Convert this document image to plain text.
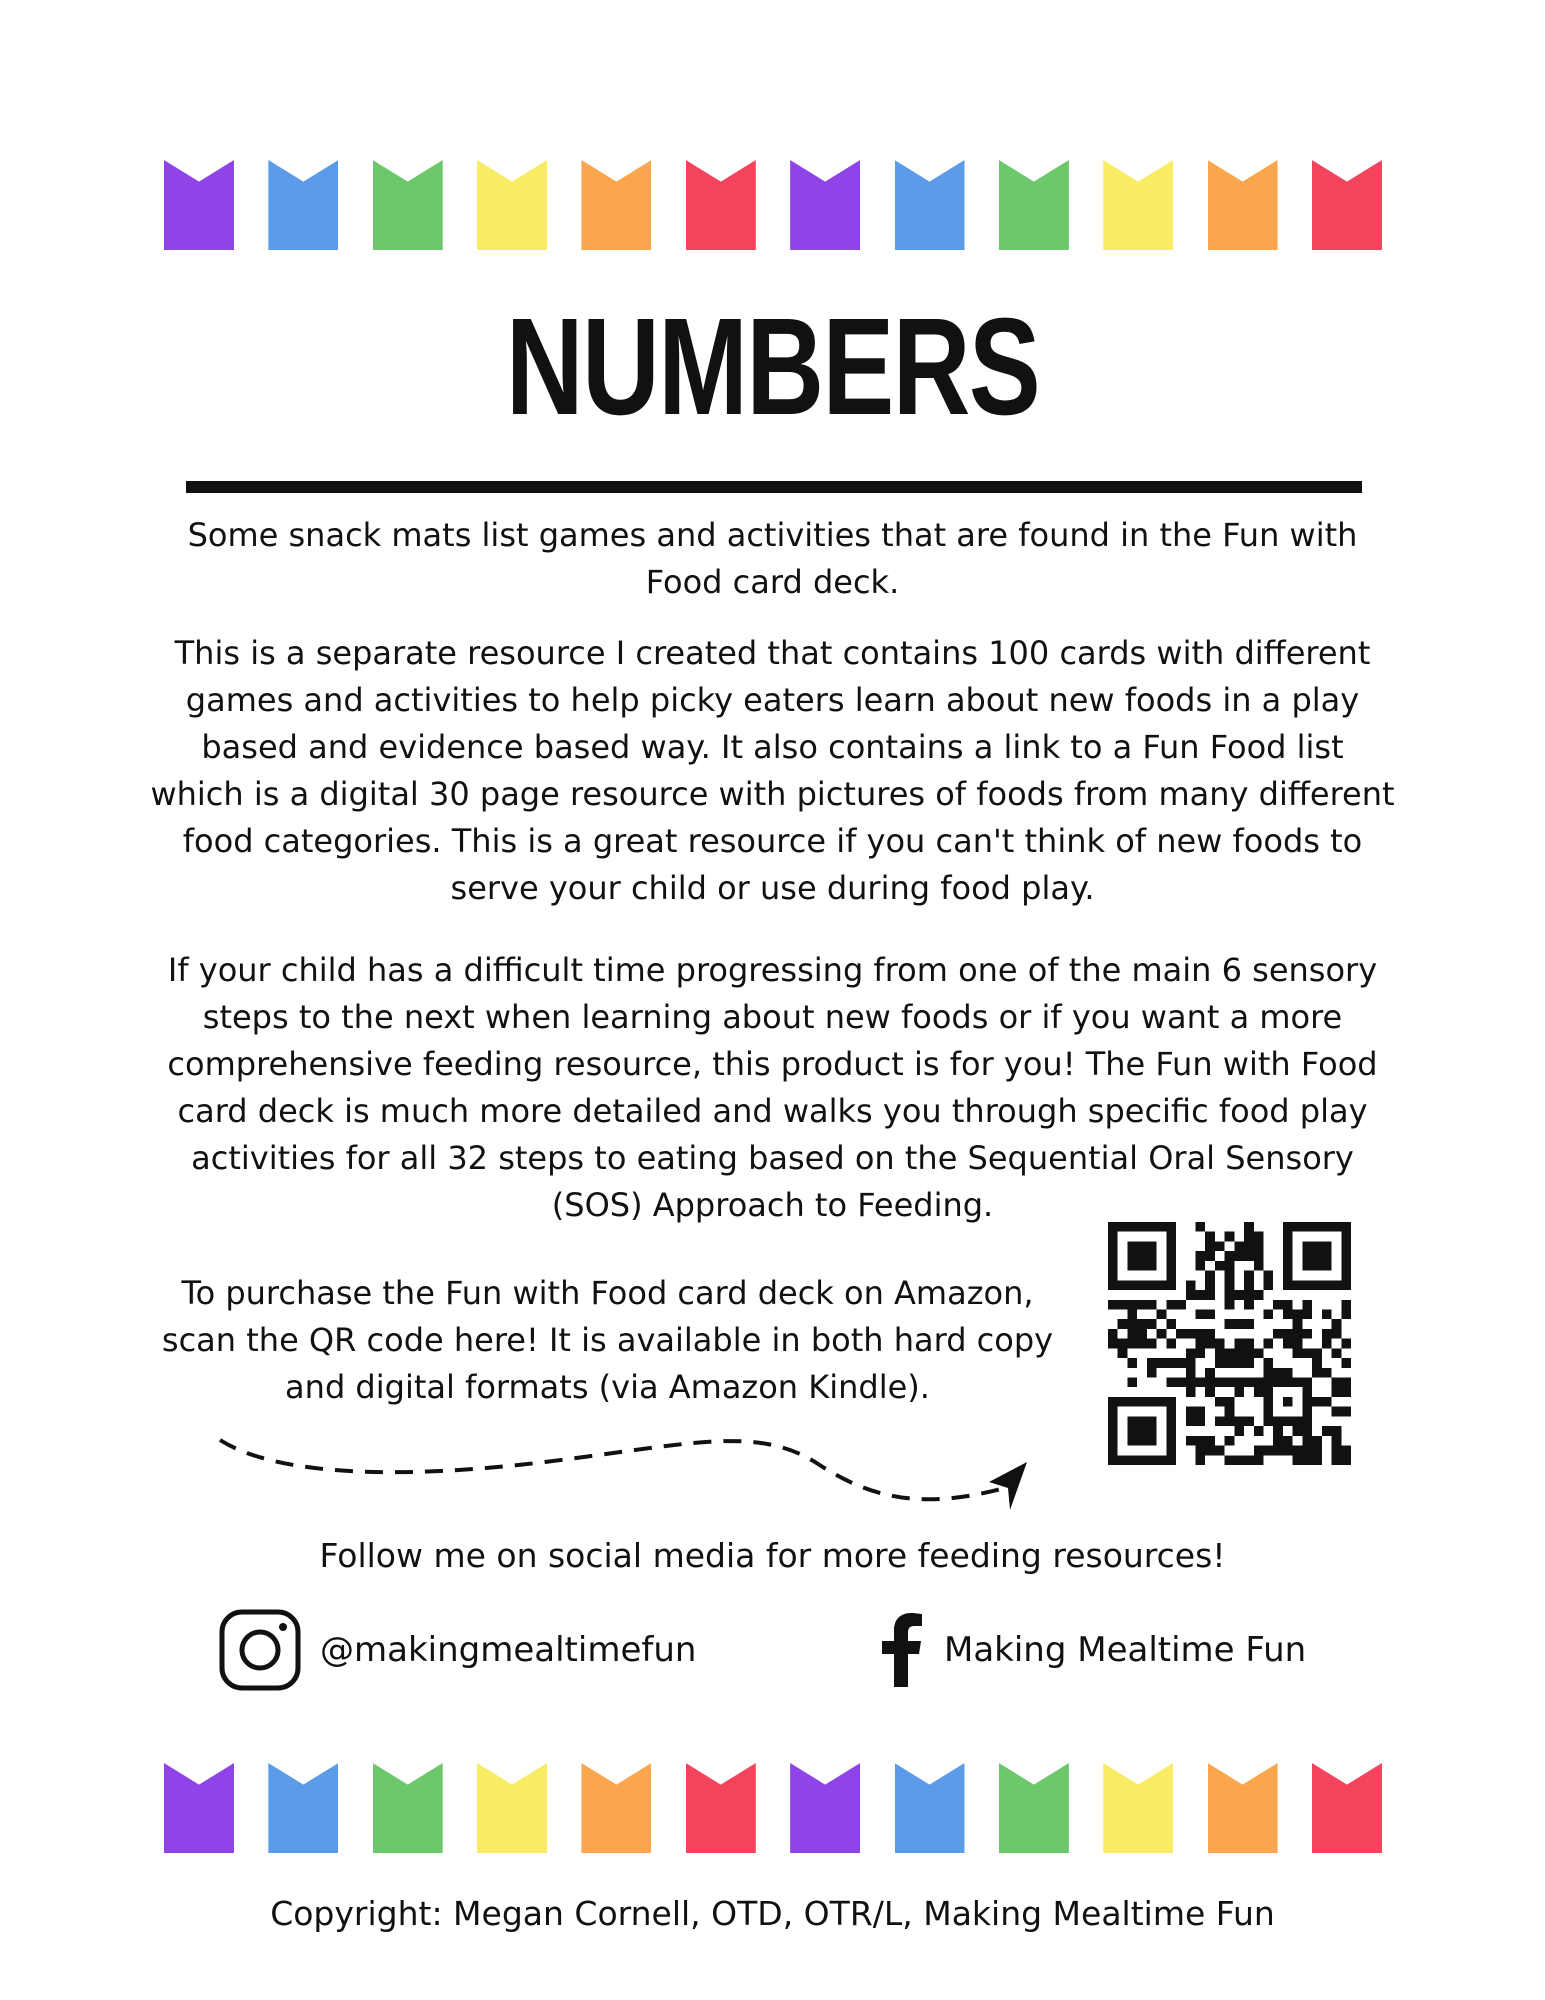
NUMBERS

Some snack mats list games and activities that are found in the Fun with Food card deck.

This is a separate resource I created that contains 100 cards with different games and activities to help picky eaters learn about new foods in a play based and evidence based way. It also contains a link to a Fun Food list which is a digital 30 page resource with pictures of foods from many different food categories. This is a great resource if you can't think of new foods to serve your child or use during food play.

If your child has a difficult time progressing from one of the main 6 sensory steps to the next when learning about new foods or if you want a more comprehensive feeding resource, this product is for you! The Fun with Food card deck is much more detailed and walks you through specific food play activities for all 32 steps to eating based on the Sequential Oral Sensory (SOS) Approach to Feeding.

To purchase the Fun with Food card deck on Amazon, scan the QR code here! It is available in both hard copy and digital formats (via Amazon Kindle).

Follow me on social media for more feeding resources!

@makingmealtimefun	Making Mealtime Fun

Copyright: Megan Cornell, OTD, OTR/L, Making Mealtime Fun
